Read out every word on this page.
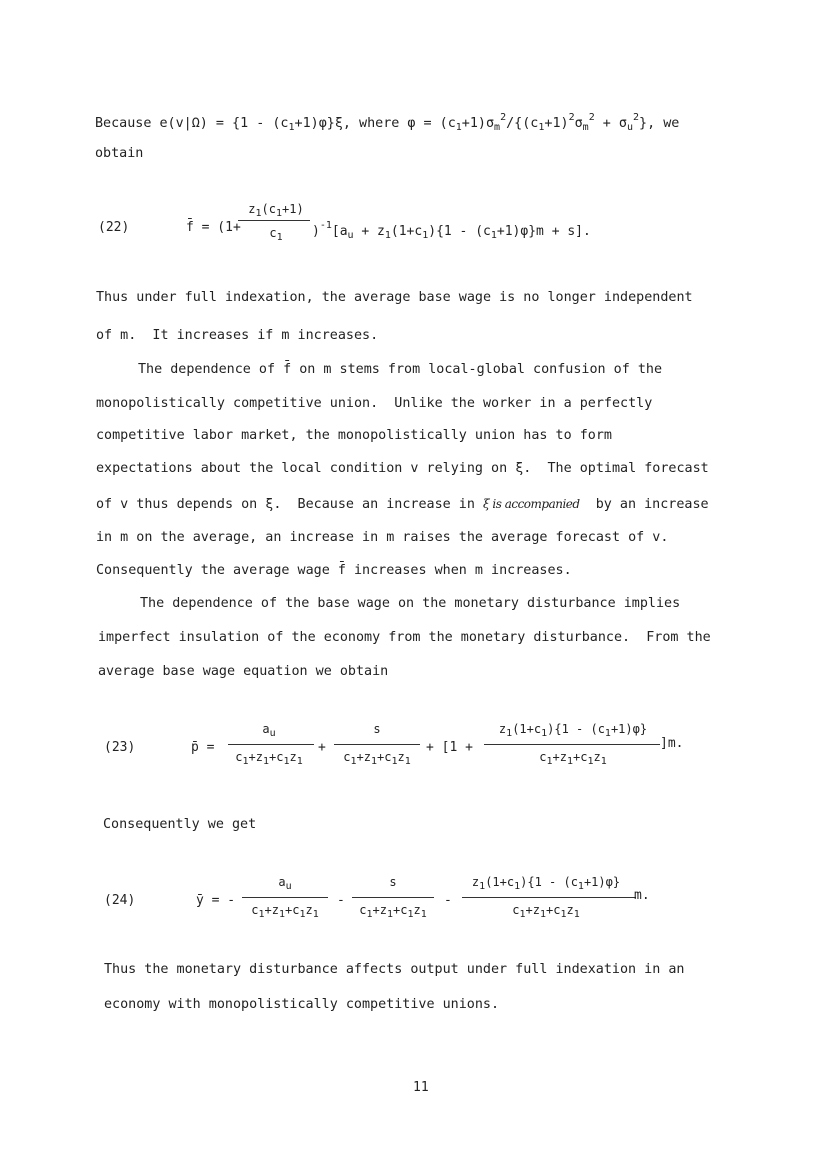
Because $e(v|\Omega) = \{1 - (c_1+1)\varphi\}\xi$, where $\varphi = (c_1+1)\sigma_m^2/\{(c_1+1)^2\sigma_m^2 + \sigma_u^2\}$, we
obtain
(22)	f̄ = (1+
$z_1(c_1+1)$
$c_1$	)$^{-1}[a_u + z_1(1+c_1)\{1 - (c_1+1)\varphi\}m + s]$.
Thus under full indexation, the average base wage is no longer independent
of m.  It increases if m increases.
The dependence of f̄ on m stems from local-global confusion of the
monopolistically competitive union.  Unlike the worker in a perfectly
competitive labor market, the monopolistically union has to form
expectations about the local condition v relying on ξ.  The optimal forecast
of v thus depends on ξ.  Because an increase in ξ is accompanied by an increase
in m on the average, an increase in m raises the average forecast of v.
Consequently the average wage f̄ increases when m increases.
The dependence of the base wage on the monetary disturbance implies
imperfect insulation of the economy from the monetary disturbance.  From the
average base wage equation we obtain
(23)	p̄ =
$a_u$
$c_1+z_1+c_1z_1$
+
s
$c_1+z_1+c_1z_1$
+ [1 +
$z_1(1+c_1)\{1 - (c_1+1)\varphi\}$
$c_1+z_1+c_1z_1$
]m.
Consequently we get
(24)	ȳ = -
$a_u$
$c_1+z_1+c_1z_1$
-
s
$c_1+z_1+c_1z_1$
-
$z_1(1+c_1)\{1 - (c_1+1)\varphi\}$
$c_1+z_1+c_1z_1$
m.
Thus the monetary disturbance affects output under full indexation in an
economy with monopolistically competitive unions.
11
